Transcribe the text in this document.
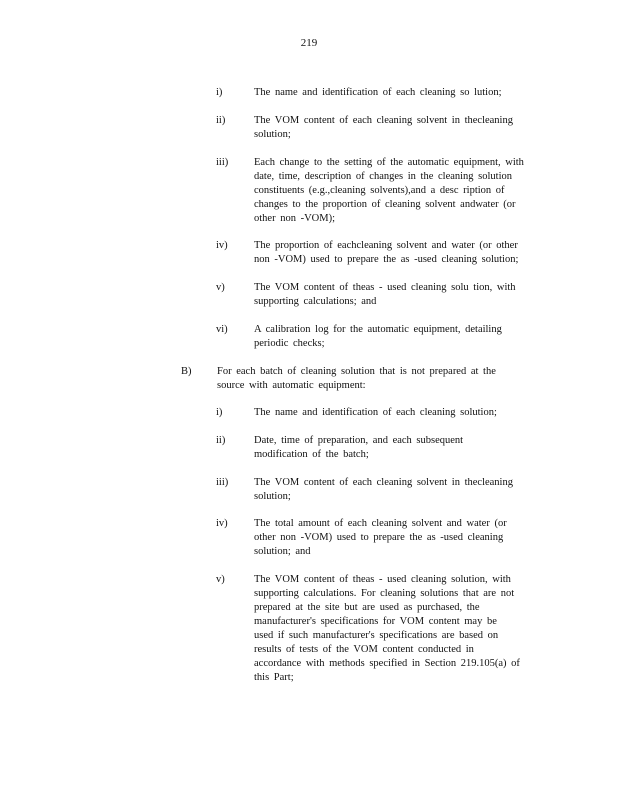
219
i)	The name and identification of each cleaning so lution;
ii)	The VOM content of each cleaning solvent in thecleaning
solution;
iii) Each change to the setting of the automatic equipment, with
date, time, description of changes in the cleaning solution
constituents (e.g.,cleaning solvents),and a desc ription of
changes to the proportion of cleaning solvent andwater (or
other non -VOM);
iv)	The proportion of eachcleaning solvent and water (or other
non -VOM) used to prepare the as -used cleaning solution;
v)	The VOM content of theas - used cleaning solu tion, with
supporting calculations; and
vi)	A calibration log for the automatic equipment, detailing
periodic checks;
B) For each batch of cleaning solution that is not prepared at the
source with automatic equipment:
i)	The name and identification of each cleaning solution;
ii)	Date, time of preparation, and each subsequent
modification of the batch;
iii) The VOM content of each cleaning solvent in thecleaning
solution;
iv)	The total amount of each cleaning solvent and water (or
other non -VOM) used to prepare the as -used cleaning
solution; and
v)	The VOM content of theas - used cleaning solution, with
supporting calculations. For cleaning solutions that are not
prepared at the site but are used as purchased, the
manufacturer's specifications for VOM content may be
used if such manufacturer's specifications are based on
results of tests of the VOM content conducted in
accordance with methods specified in Section 219.105(a) of
this Part;
